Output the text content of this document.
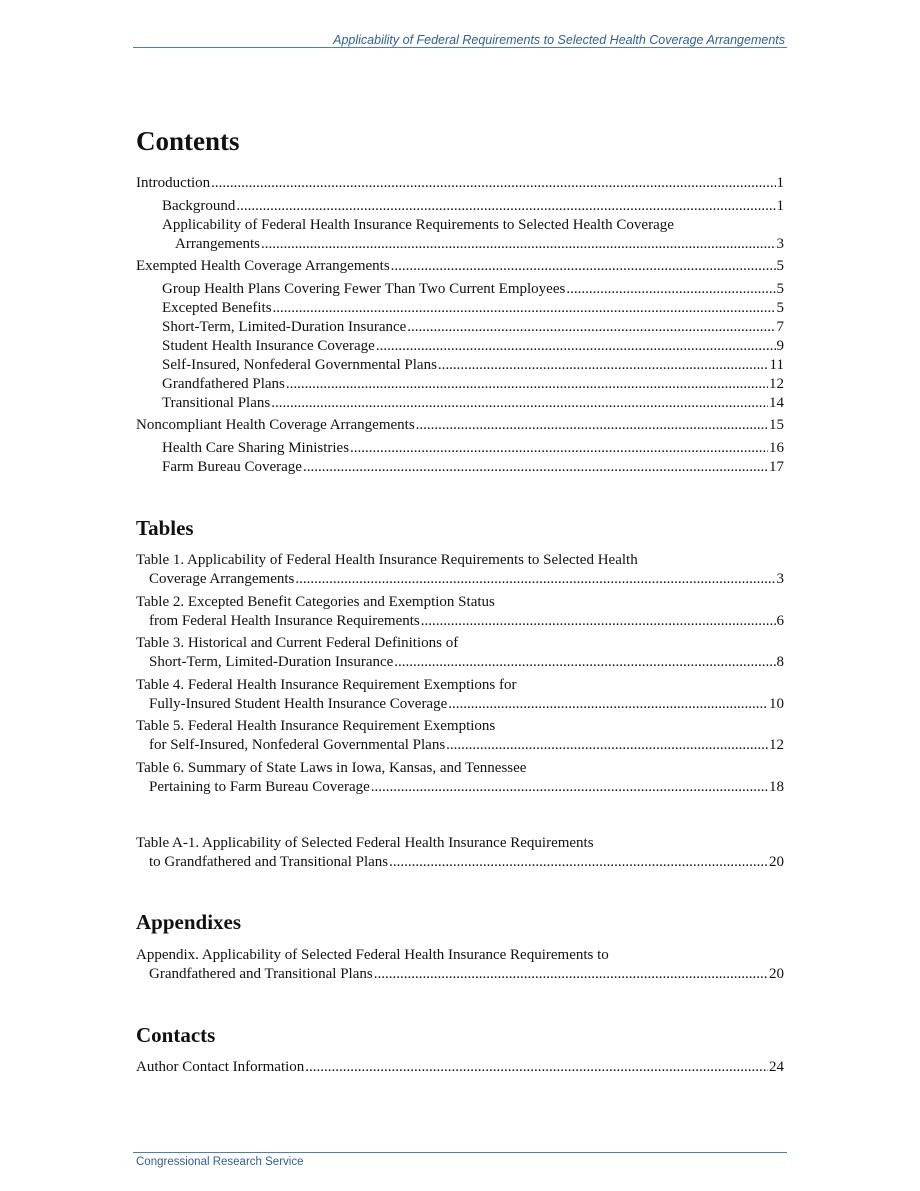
Applicability of Federal Requirements to Selected Health Coverage Arrangements
Contents
Introduction .....	1
Background .....	1
Applicability of Federal Health Insurance Requirements to Selected Health Coverage
Arrangements .....	3
Exempted Health Coverage Arrangements .....	5
Group Health Plans Covering Fewer Than Two Current Employees .....	5
Excepted Benefits .....	5
Short-Term, Limited-Duration Insurance .....	7
Student Health Insurance Coverage .....	9
Self-Insured, Nonfederal Governmental Plans .....	11
Grandfathered Plans .....	12
Transitional Plans .....	14
Noncompliant Health Coverage Arrangements .....	15
Health Care Sharing Ministries .....	16
Farm Bureau Coverage .....	17
Tables
Table 1. Applicability of Federal Health Insurance Requirements to Selected Health
Coverage Arrangements .....	3
Table 2. Excepted Benefit Categories and Exemption Status
from Federal Health Insurance Requirements .....	6
Table 3. Historical and Current Federal Definitions of
Short-Term, Limited-Duration Insurance .....	8
Table 4. Federal Health Insurance Requirement Exemptions for
Fully-Insured Student Health Insurance Coverage .....	10
Table 5. Federal Health Insurance Requirement Exemptions
for Self-Insured, Nonfederal Governmental Plans .....	12
Table 6. Summary of State Laws in Iowa, Kansas, and Tennessee
Pertaining to Farm Bureau Coverage .....	18
Table A-1. Applicability of Selected Federal Health Insurance Requirements
to Grandfathered and Transitional Plans .....	20
Appendixes
Appendix. Applicability of Selected Federal Health Insurance Requirements to
Grandfathered and Transitional Plans .....	20
Contacts
Author Contact Information .....	24
Congressional Research Service
